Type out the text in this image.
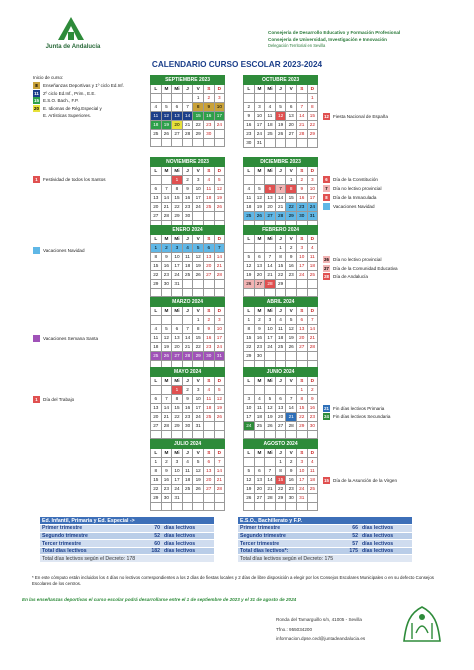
Junta de Andalucía
Consejería de Desarrollo Educativo y Formación Profesional
Consejería de Universidad, Investigación e Innovación
Delegación Territorial en Sevilla
CALENDARIO CURSO ESCOLAR 2023-2024
Inicio de curso:
8	Enseñanzas Deportivas y 1º ciclo Ed.Inf.
11 2º ciclo Ed.Inf., Prim., E.E.
15 E.S.O. Bach., F.P.
20 E. Idiomas de Rég.Especial y
E. Artísticas Superiores.
SEPTIEMBRE 2023						
L	M	Mi	J	V	S	D
				1	2	3
4	5	6	7	8	9	10
11	12	13	14	15	16	17
18	19	20	21	22	23	24
25	26	27	28	29	30	

OCTUBRE 2023						
L	M	Mi	J	V	S	D
						1
2	3	4	5	6	7	8
9	10	11	12	13	14	15
16	17	18	19	20	21	22
23	24	25	26	27	28	29
30	31					
NOVIEMBRE 2023						
L	M	Mi	J	V	S	D
		1	2	3	4	5
6	7	8	9	10	11	12
13	14	15	16	17	18	19
20	21	22	23	24	25	26
27	28	29	30			

DICIEMBRE 2023						
L	M	Mi	J	V	S	D
				1	2	3
4	5	6	7	8	9	10
11	12	13	14	15	16	17
18	19	20	21	22	23	24
25	26	27	28	29	30	31

ENERO 2024						
L	M	Mi	J	V	S	D
1	2	3	4	5	6	7
8	9	10	11	12	13	14
15	16	17	18	19	20	21
22	23	24	25	26	27	28
29	30	31				

FEBRERO 2024						
L	M	Mi	J	V	S	D
			1	2	3	4
5	6	7	8	9	10	11
12	13	14	15	16	17	18
19	20	21	22	23	24	25
26	27	28	29			

MARZO 2024						
L	M	Mi	J	V	S	D
				1	2	3
4	5	6	7	8	9	10
11	12	13	14	15	16	17
18	19	20	21	22	23	24
25	26	27	28	29	30	31

ABRIL 2024						
L	M	Mi	J	V	S	D
1	2	3	4	5	6	7
8	9	10	11	12	13	14
15	16	17	18	19	20	21
22	23	24	25	26	27	28
29	30					

MAYO 2024						
L	M	Mi	J	V	S	D
		1	2	3	4	5
6	7	8	9	10	11	12
13	14	15	16	17	18	19
20	21	22	23	24	25	26
27	28	29	30	31		

JUNIO 2024						
L	M	Mi	J	V	S	D
					1	2
3	4	5	6	7	8	9
10	11	12	13	14	15	16
17	18	19	20	21	22	23
24	25	26	27	28	29	30

JULIO 2024						
L	M	Mi	J	V	S	D
1	2	3	4	5	6	7
8	9	10	11	12	13	14
15	16	17	18	19	20	21
22	23	24	25	26	27	28
29	30	31				

AGOSTO 2024						
L	M	Mi	J	V	S	D
			1	2	3	4
5	6	7	8	9	10	11
12	13	14	15	16	17	18
19	20	21	22	23	24	25
26	27	28	29	30	31	

12 Fiesta Nacional de España
1	Festividad de todos los Santos	6	Día de la Constitución
7	Día no lectivo provincial
8	Día de la Inmaculada
Vacaciones Navidad
Vacaciones Navidad
26 Día no lectivo provincial
27 Día de la Comunidad Educativa
28 Día de Andalucía
Vacaciones Semana Santa
1	Día del Trabajo
21 Fin días lectivos Primaria
24 Fin días lectivos Secundaria
15 Día de la Asunción de la Virgen
Ed. Infantil, Primaria y Ed. Especial ->		
Primer trimestre	70	días lectivos
Segundo trimestre	52	días lectivos
Tercer trimestre	60	días lectivos
Total días lectivos	182	días lectivos
Total días lectivos según el Decreto: 178		
E.S.O., Bachillerato y F.P.		
Primer trimestre	66	días lectivos
Segundo trimestre	52	días lectivos
Tercer trimestre	57	días lectivos
Total días lectivos*:	175	días lectivos
Total días lectivos según el Decreto: 175		
* En este cómputo están incluidos los 4 días no lectivos correspondientes a los 2 días de fiestas locales y 2 días de libre disposición a elegir por los Consejos Escolares Municipales o en su defecto Consejos Escolares de los centros.
En las enseñanzas deportivas el curso escolar podrá desarrollarse entre el 1 de septiembre de 2023 y el 31 de agosto de 2024
Ronda del Tamarguillo s/n, 41005 - Sevilla
Tfno.: 955034200
informacion.dpse.ced@juntadeandalucia.es
